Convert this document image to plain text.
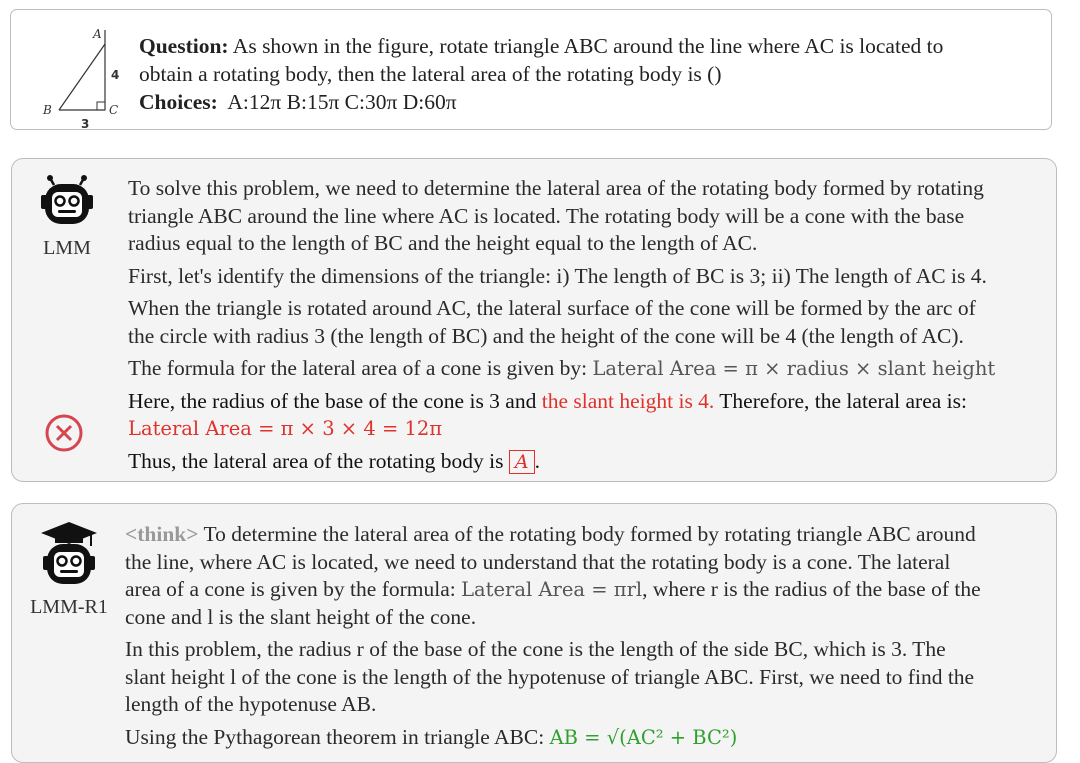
A
4
B	C
3
Question: As shown in the figure, rotate triangle ABC around the line where AC is located to
obtain a rotating body, then the lateral area of the rotating body is ()
Choices: A:12π B:15π C:30π D:60π
LMM

To solve this problem, we need to determine the lateral area of the rotating body formed by rotating

triangle ABC around the line where AC is located. The rotating body will be a cone with the base

radius equal to the length of BC and the height equal to the length of AC.

First, let's identify the dimensions of the triangle: i) The length of BC is 3; ii) The length of AC is 4.

When the triangle is rotated around AC, the lateral surface of the cone will be formed by the arc of

the circle with radius 3 (the length of BC) and the height of the cone will be 4 (the length of AC).

The formula for the lateral area of a cone is given by: Lateral Area = π × radius × slant height

Here, the radius of the base of the cone is 3 and the slant height is 4. Therefore, the lateral area is:

Lateral Area = π × 3 × 4 = 12π

Thus, the lateral area of the rotating body is A .

LMM-R1

<think> To determine the lateral area of the rotating body formed by rotating triangle ABC around

the line, where AC is located, we need to understand that the rotating body is a cone. The lateral

area of a cone is given by the formula: Lateral Area = πrl, where r is the radius of the base of the

cone and l is the slant height of the cone.

In this problem, the radius r of the base of the cone is the length of the side BC, which is 3. The

slant height l of the cone is the length of the hypotenuse of triangle ABC. First, we need to find the

length of the hypotenuse AB.

Using the Pythagorean theorem in triangle ABC: AB = √(AC² + BC²)
